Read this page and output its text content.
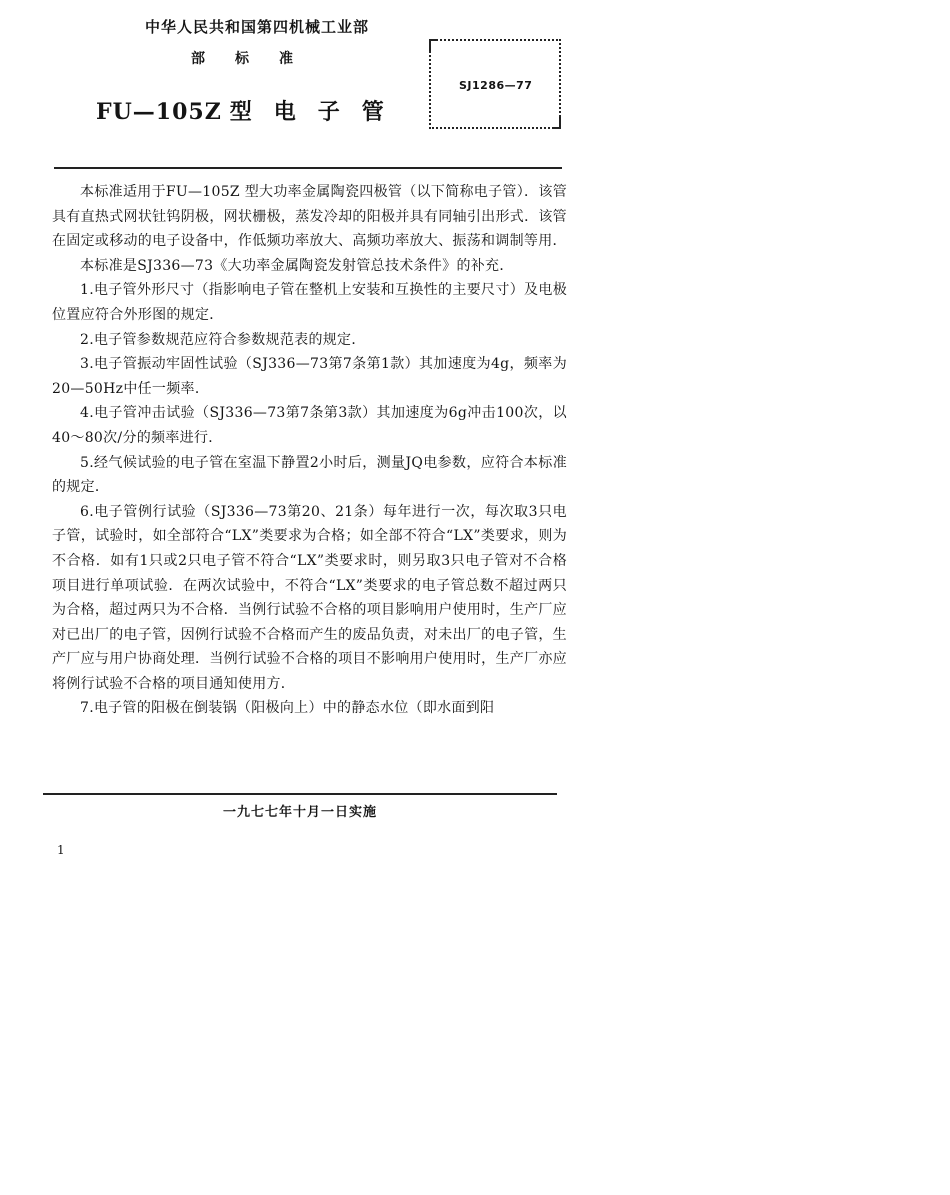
中华人民共和国第四机械工业部
部标准
FU—105Z 型电子管
SJ1286—77

本标准适用于FU—105Z 型大功率金属陶瓷四极管（以下简称电子管）．该管具有直热式网状钍钨阴极，网状栅极，蒸发冷却的阳极并具有同轴引出形式．该管在固定或移动的电子设备中，作低频功率放大、高频功率放大、振荡和调制等用．

本标准是SJ336—73《大功率金属陶瓷发射管总技术条件》的补充．

1.电子管外形尺寸（指影响电子管在整机上安装和互换性的主要尺寸）及电极位置应符合外形图的规定．

2.电子管参数规范应符合参数规范表的规定．

3.电子管振动牢固性试验（SJ336—73第7条第1款）其加速度为4g，频率为20—50Hz中任一频率．

4.电子管冲击试验（SJ336—73第7条第3款）其加速度为6g冲击100次，以40～80次/分的频率进行．

5.经气候试验的电子管在室温下静置2小时后，测量JQ电参数，应符合本标准的规定．

6.电子管例行试验（SJ336—73第20、21条）每年进行一次，每次取3只电子管，试验时，如全部符合“LX”类要求为合格；如全部不符合“LX”类要求，则为不合格．如有1只或2只电子管不符合“LX”类要求时，则另取3只电子管对不合格项目进行单项试验．在两次试验中，不符合“LX”类要求的电子管总数不超过两只为合格，超过两只为不合格．当例行试验不合格的项目影响用户使用时，生产厂应对已出厂的电子管，因例行试验不合格而产生的废品负责，对未出厂的电子管，生产厂应与用户协商处理．当例行试验不合格的项目不影响用户使用时，生产厂亦应将例行试验不合格的项目通知使用方．

7.电子管的阳极在倒装锅（阳极向上）中的静态水位（即水面到阳

一九七七年十月一日实施
1
